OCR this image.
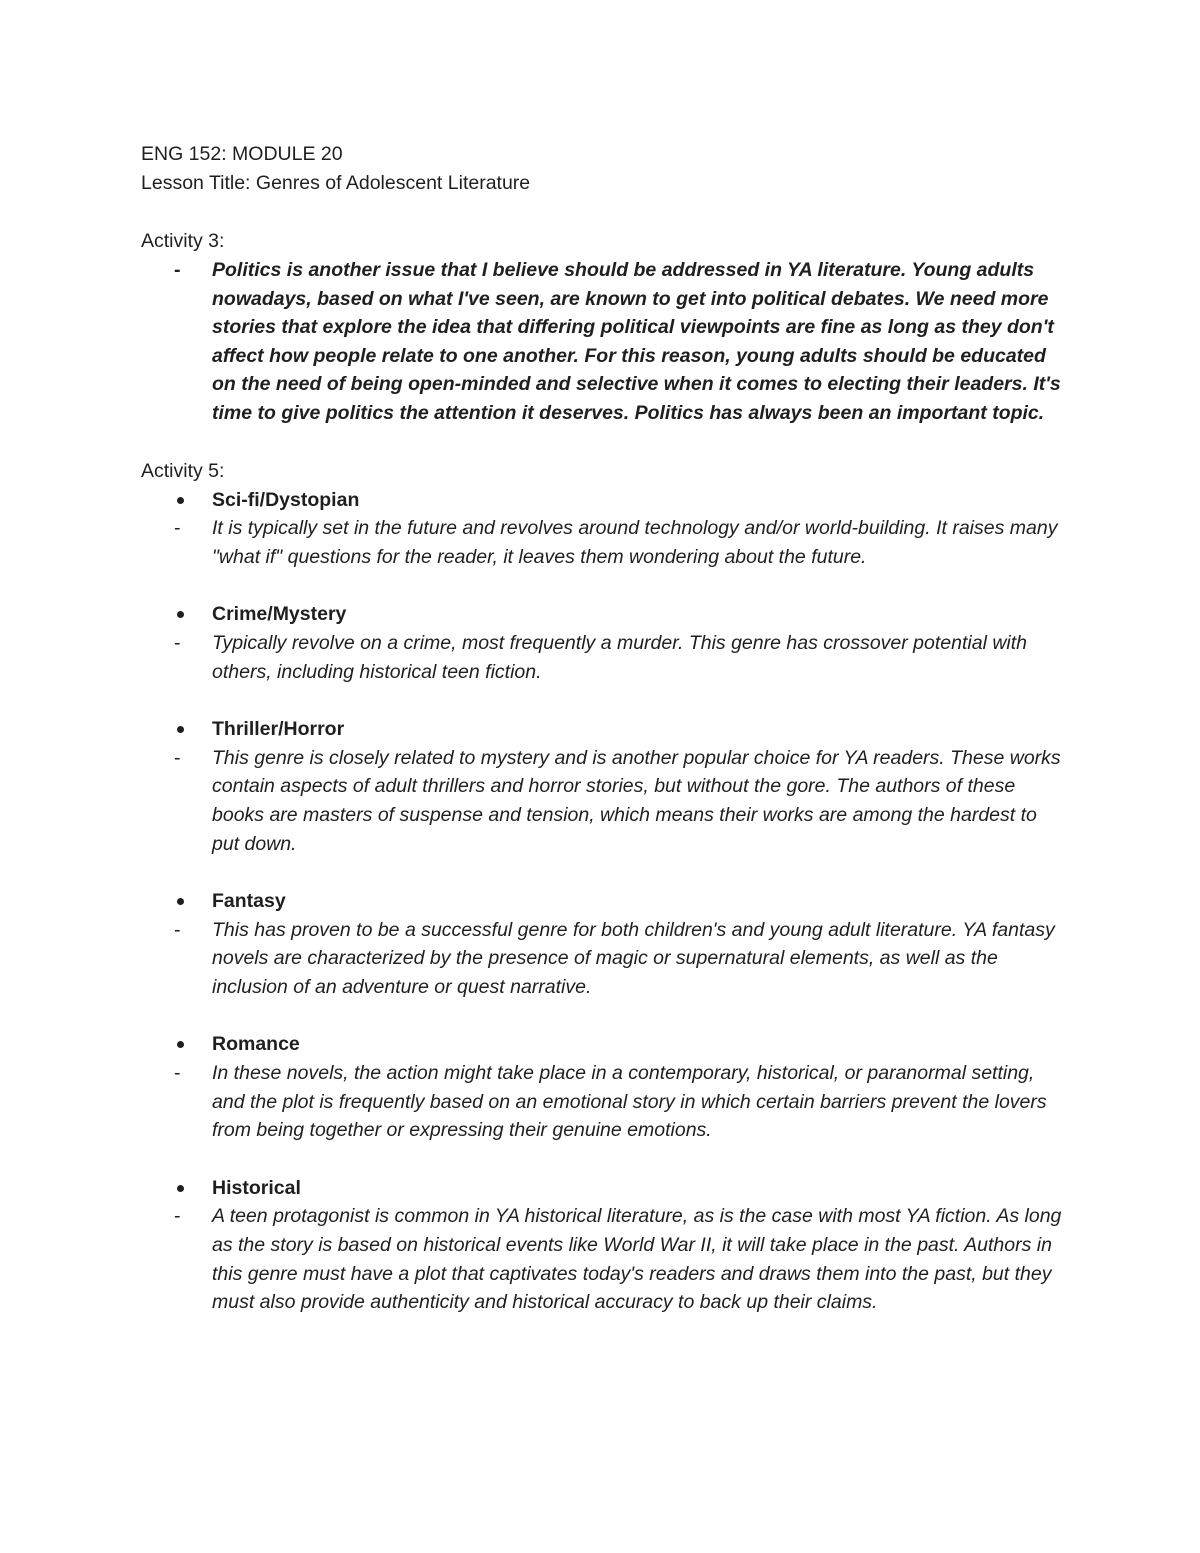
ENG 152: MODULE 20

Lesson Title: Genres of Adolescent Literature

Activity 3:

-	Politics is another issue that I believe should be addressed in YA literature. Young adults nowadays, based on what I've seen, are known to get into political debates. We need more stories that explore the idea that differing political viewpoints are fine as long as they don't affect how people relate to one another. For this reason, young adults should be educated on the need of being open-minded and selective when it comes to electing their leaders. It's time to give politics the attention it deserves. Politics has always been an important topic.

Activity 5:

Sci-fi/Dystopian
-	It is typically set in the future and revolves around technology and/or world-building. It raises many "what if" questions for the reader, it leaves them wondering about the future.
Crime/Mystery
-	Typically revolve on a crime, most frequently a murder. This genre has crossover potential with others, including historical teen fiction.
Thriller/Horror
-	This genre is closely related to mystery and is another popular choice for YA readers. These works contain aspects of adult thrillers and horror stories, but without the gore. The authors of these books are masters of suspense and tension, which means their works are among the hardest to put down.
Fantasy
-	This has proven to be a successful genre for both children's and young adult literature. YA fantasy novels are characterized by the presence of magic or supernatural elements, as well as the inclusion of an adventure or quest narrative.
Romance
-	In these novels, the action might take place in a contemporary, historical, or paranormal setting, and the plot is frequently based on an emotional story in which certain barriers prevent the lovers from being together or expressing their genuine emotions.
Historical
-	A teen protagonist is common in YA historical literature, as is the case with most YA fiction. As long as the story is based on historical events like World War II, it will take place in the past. Authors in this genre must have a plot that captivates today's readers and draws them into the past, but they must also provide authenticity and historical accuracy to back up their claims.
